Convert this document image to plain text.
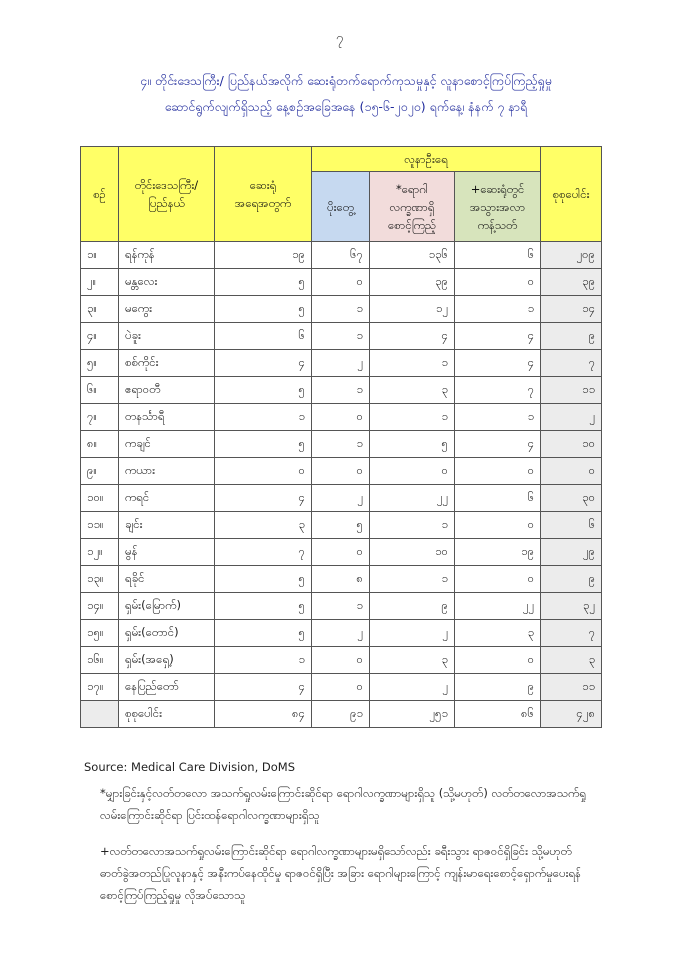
၇
၄။ တိုင်းဒေသကြီး/ ပြည်နယ်အလိုက် ဆေးရုံတက်ရောက်ကုသမှုနှင့် လူနာစောင့်ကြပ်ကြည့်ရှုမှု
ဆောင်ရွက်လျက်ရှိသည့် နေ့စဉ်အခြေအနေ (၁၅-၆-၂၀၂၀) ရက်နေ့၊ နံနက် ၇ နာရီ
စဉ်	တိုင်းဒေသကြီး/ ပြည်နယ်	ဆေးရုံ အရေအတွက်	လူနာဦးရေ			စုစုပေါင်း
			ပိုးတွေ့	*ရောဂါ လက္ခဏာရှိ စောင့်ကြည့်	+ဆေးရုံတွင် အသွားအလာ ကန့်သတ်	
၁။	ရန်ကုန်	၁၉	၆၇	၁၃၆	၆	၂၀၉
၂။	မန္တလေး	၅	၀	၃၉	၀	၃၉
၃။	မကွေး	၅	၁	၁၂	၁	၁၄
၄။	ပဲခူး	၆	၁	၄	၄	၉
၅။	စစ်ကိုင်း	၄	၂	၁	၄	၇
၆။	ဧရာဝတီ	၅	၁	၃	၇	၁၁
၇။	တနင်္သာရီ	၁	၀	၁	၁	၂
၈။	ကချင်	၅	၁	၅	၄	၁၀
၉။	ကယား	၀	၀	၀	၀	၀
၁၀။	ကရင်	၄	၂	၂၂	၆	၃၀
၁၁။	ချင်း	၃	၅	၁	၀	၆
၁၂။	မွန်	၇	၀	၁၀	၁၉	၂၉
၁၃။	ရခိုင်	၅	၈	၁	၀	၉
၁၄။	ရှမ်း(မြောက်)	၅	၁	၉	၂၂	၃၂
၁၅။	ရှမ်း(တောင်)	၅	၂	၂	၃	၇
၁၆။	ရှမ်း(အရှေ့)	၁	၀	၃	၀	၃
၁၇။	နေပြည်တော်	၄	၀	၂	၉	၁၁
	စုစုပေါင်း	၈၄	၉၁	၂၅၁	၈၆	၄၂၈
Source: Medical Care Division, DoMS
*မျှားခြင်းနှင့်လတ်တလော အသက်ရှုလမ်းကြောင်းဆိုင်ရာ ရောဂါလက္ခဏာများရှိသူ (သို့မဟုတ်) လတ်တလောအသက်ရှုလမ်းကြောင်းဆိုင်ရာ ပြင်းထန်ရောဂါလက္ခဏာများရှိသူ
+လတ်တလောအသက်ရှုလမ်းကြောင်းဆိုင်ရာ ရောဂါလက္ခဏာများမရှိသော်လည်း ခရီးသွား ရာဇဝင်ရှိခြင်း သို့မဟုတ် ဓာတ်ခွဲအတည်ပြုလူနာနှင့် အနီးကပ်နေထိုင်မှု ရာဇဝင်ရှိပြီး အခြား ရောဂါများကြောင့် ကျန်းမာရေးစောင့်ရှောက်မှုပေးရန် စောင့်ကြပ်ကြည့်ရှုမှု လိုအပ်သောသူ
